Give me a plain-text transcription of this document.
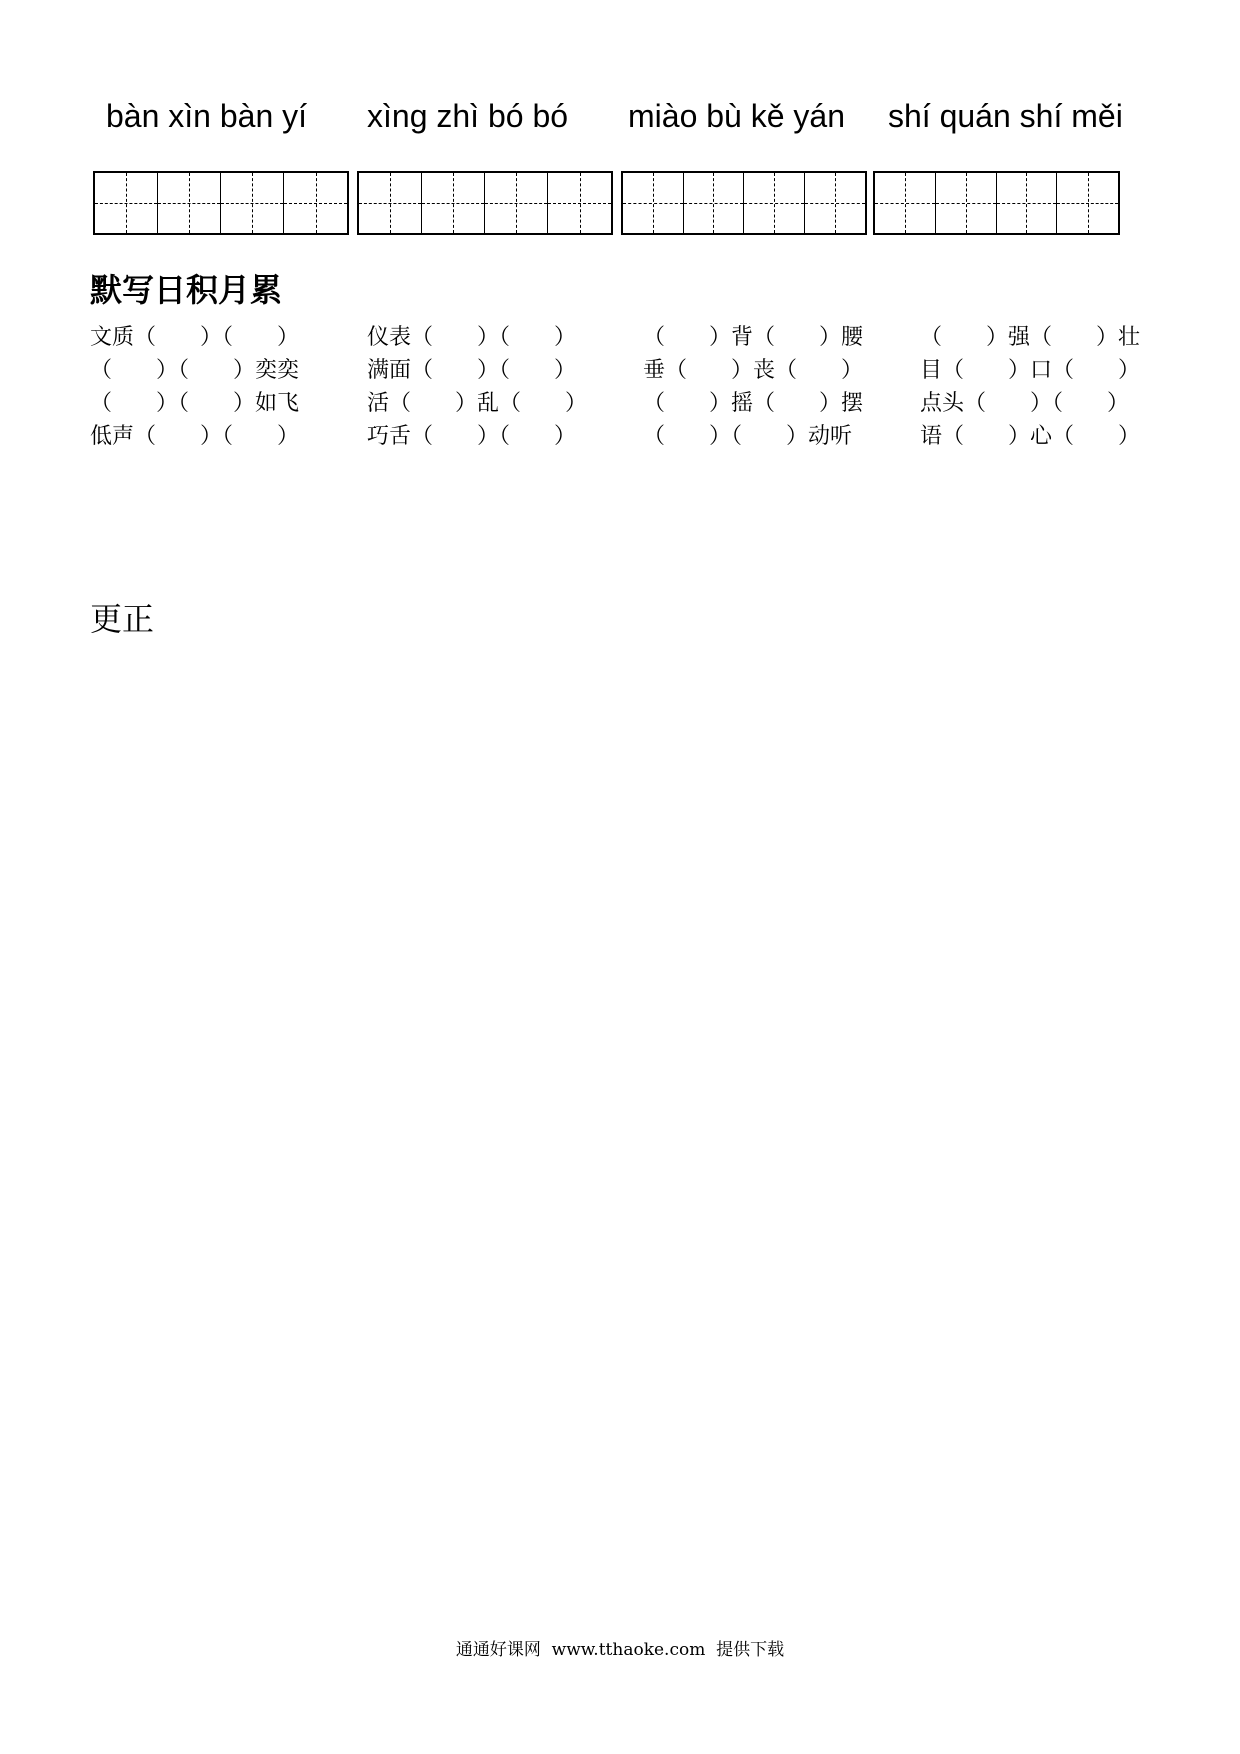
bàn xìn bàn yí xìng zhì bó bó miào bù kě yán shí quán shí měi
默写日积月累
文质（　　）（　　）	仪表（　　）（　　）	（　　）背（　　）腰	（　　）强（　　）壮
（　　）（　　）奕奕	满面（　　）（　　）	垂（　　）丧（　　）	目（　　）口（　　）
（　　）（　　）如飞	活（　　）乱（　　）	（　　）摇（　　）摆	点头（　　）（　　）
低声（　　）（　　）	巧舌（　　）（　　）	（　　）（　　）动听	语（　　）心（　　）
更正
通通好课网  www.tthaoke.com  提供下载
